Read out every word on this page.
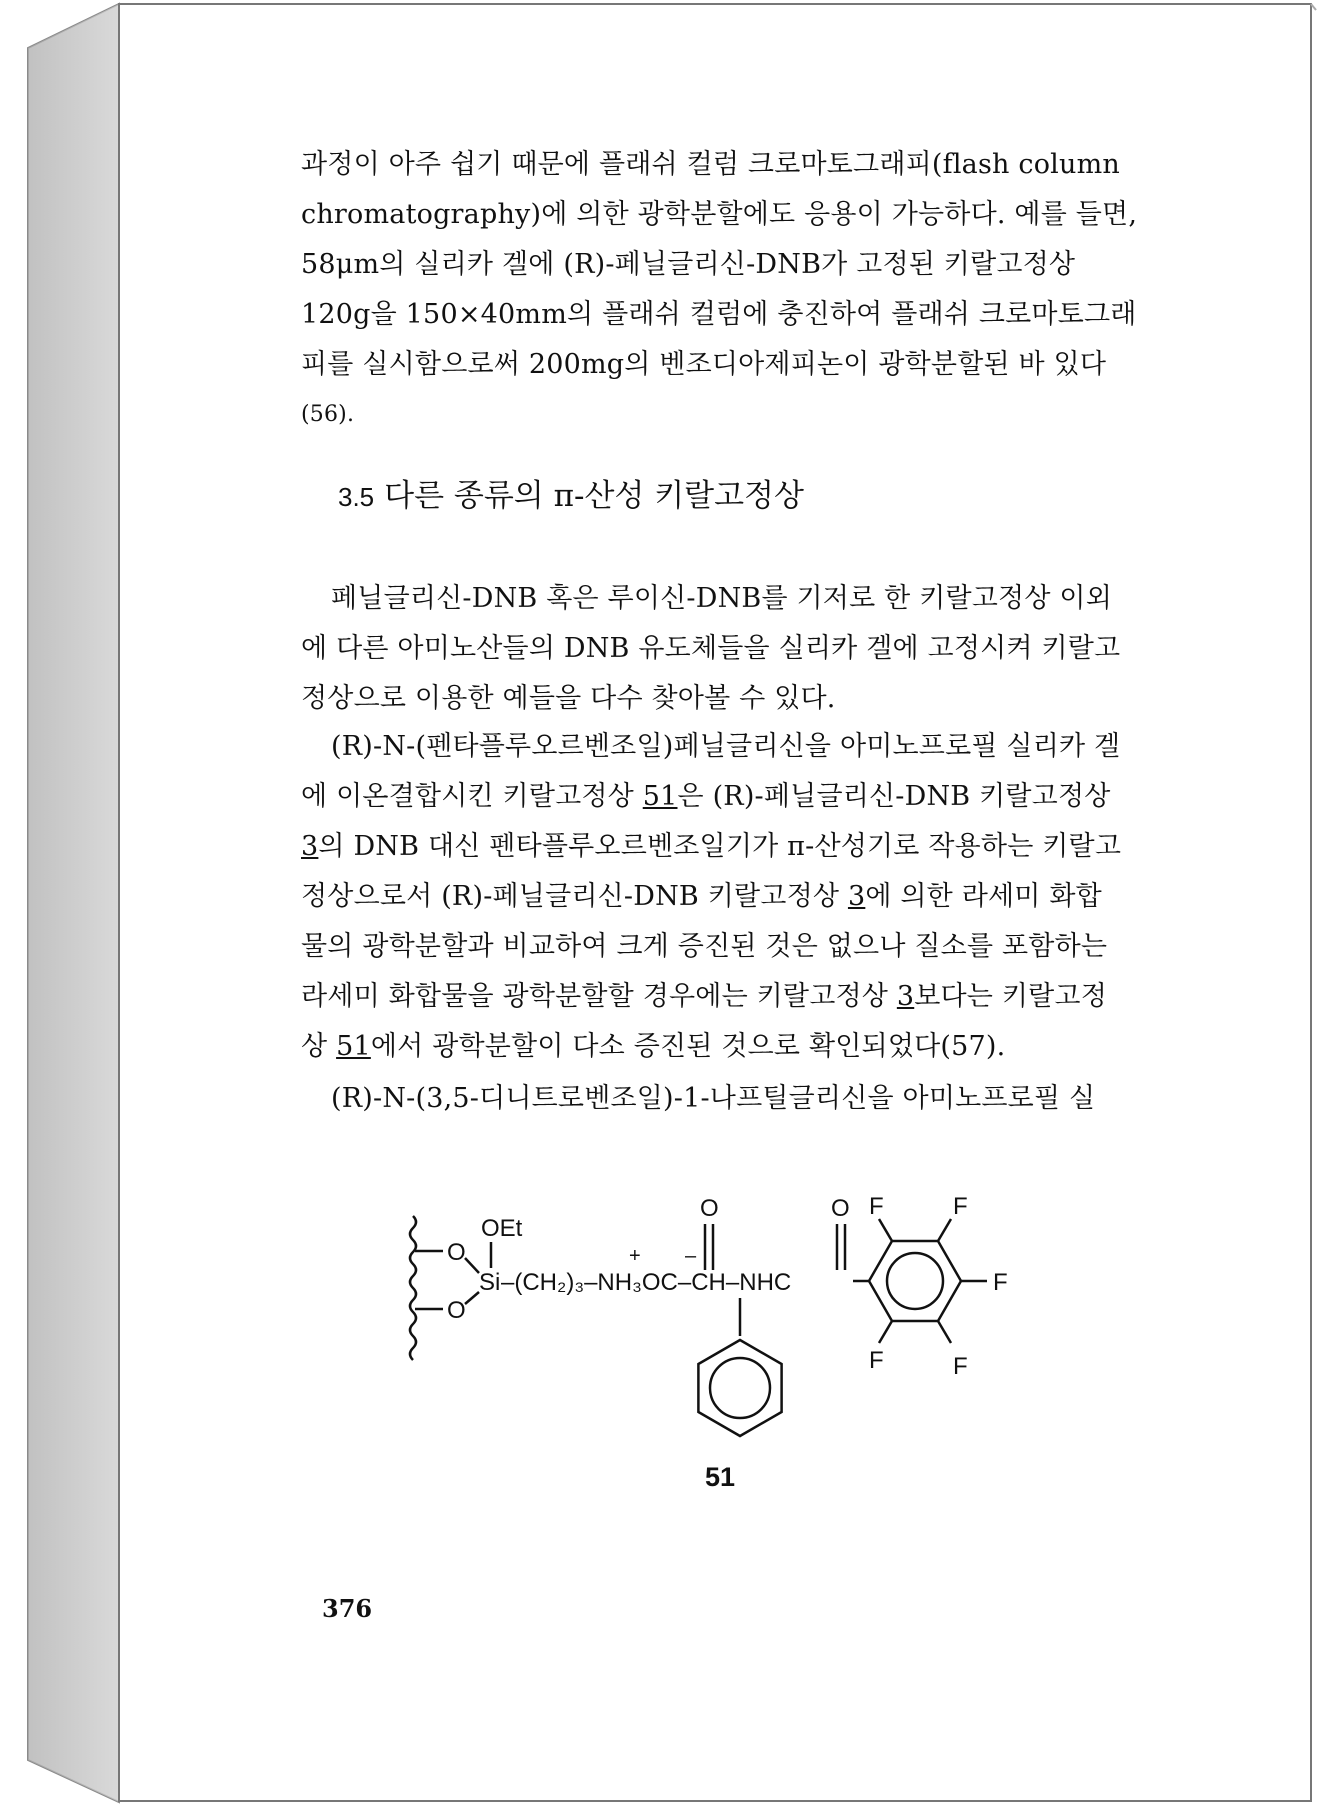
과정이 아주 쉽기 때문에 플래쉬 컬럼 크로마토그래피(flash column

chromatography)에 의한 광학분할에도 응용이 가능하다. 예를 들면,

58μm의 실리카 겔에 (R)-페닐글리신-DNB가 고정된 키랄고정상

120g을 150×40mm의 플래쉬 컬럼에 충진하여 플래쉬 크로마토그래

피를 실시함으로써 200mg의 벤조디아제피논이 광학분할된 바 있다

(56).

3.5 다른 종류의 π-산성 키랄고정상

페닐글리신-DNB 혹은 루이신-DNB를 기저로 한 키랄고정상 이외

에 다른 아미노산들의 DNB 유도체들을 실리카 겔에 고정시켜 키랄고

정상으로 이용한 예들을 다수 찾아볼 수 있다.

(R)-N-(펜타플루오르벤조일)페닐글리신을 아미노프로필 실리카 겔

에 이온결합시킨 키랄고정상 51은 (R)-페닐글리신-DNB 키랄고정상

3의 DNB 대신 펜타플루오르벤조일기가 π-산성기로 작용하는 키랄고

정상으로서 (R)-페닐글리신-DNB 키랄고정상 3에 의한 라세미 화합

물의 광학분할과 비교하여 크게 증진된 것은 없으나 질소를 포함하는

라세미 화합물을 광학분할할 경우에는 키랄고정상 3보다는 키랄고정

상 51에서 광학분할이 다소 증진된 것으로 확인되었다(57).

(R)-N-(3,5-디니트로벤조일)-1-나프틸글리신을 아미노프로필 실

O
O
OEt
Si –(CH₂)₃–NH₃OC–CH–NHC
+ –
O	O F	F
F
F	F
51
376
